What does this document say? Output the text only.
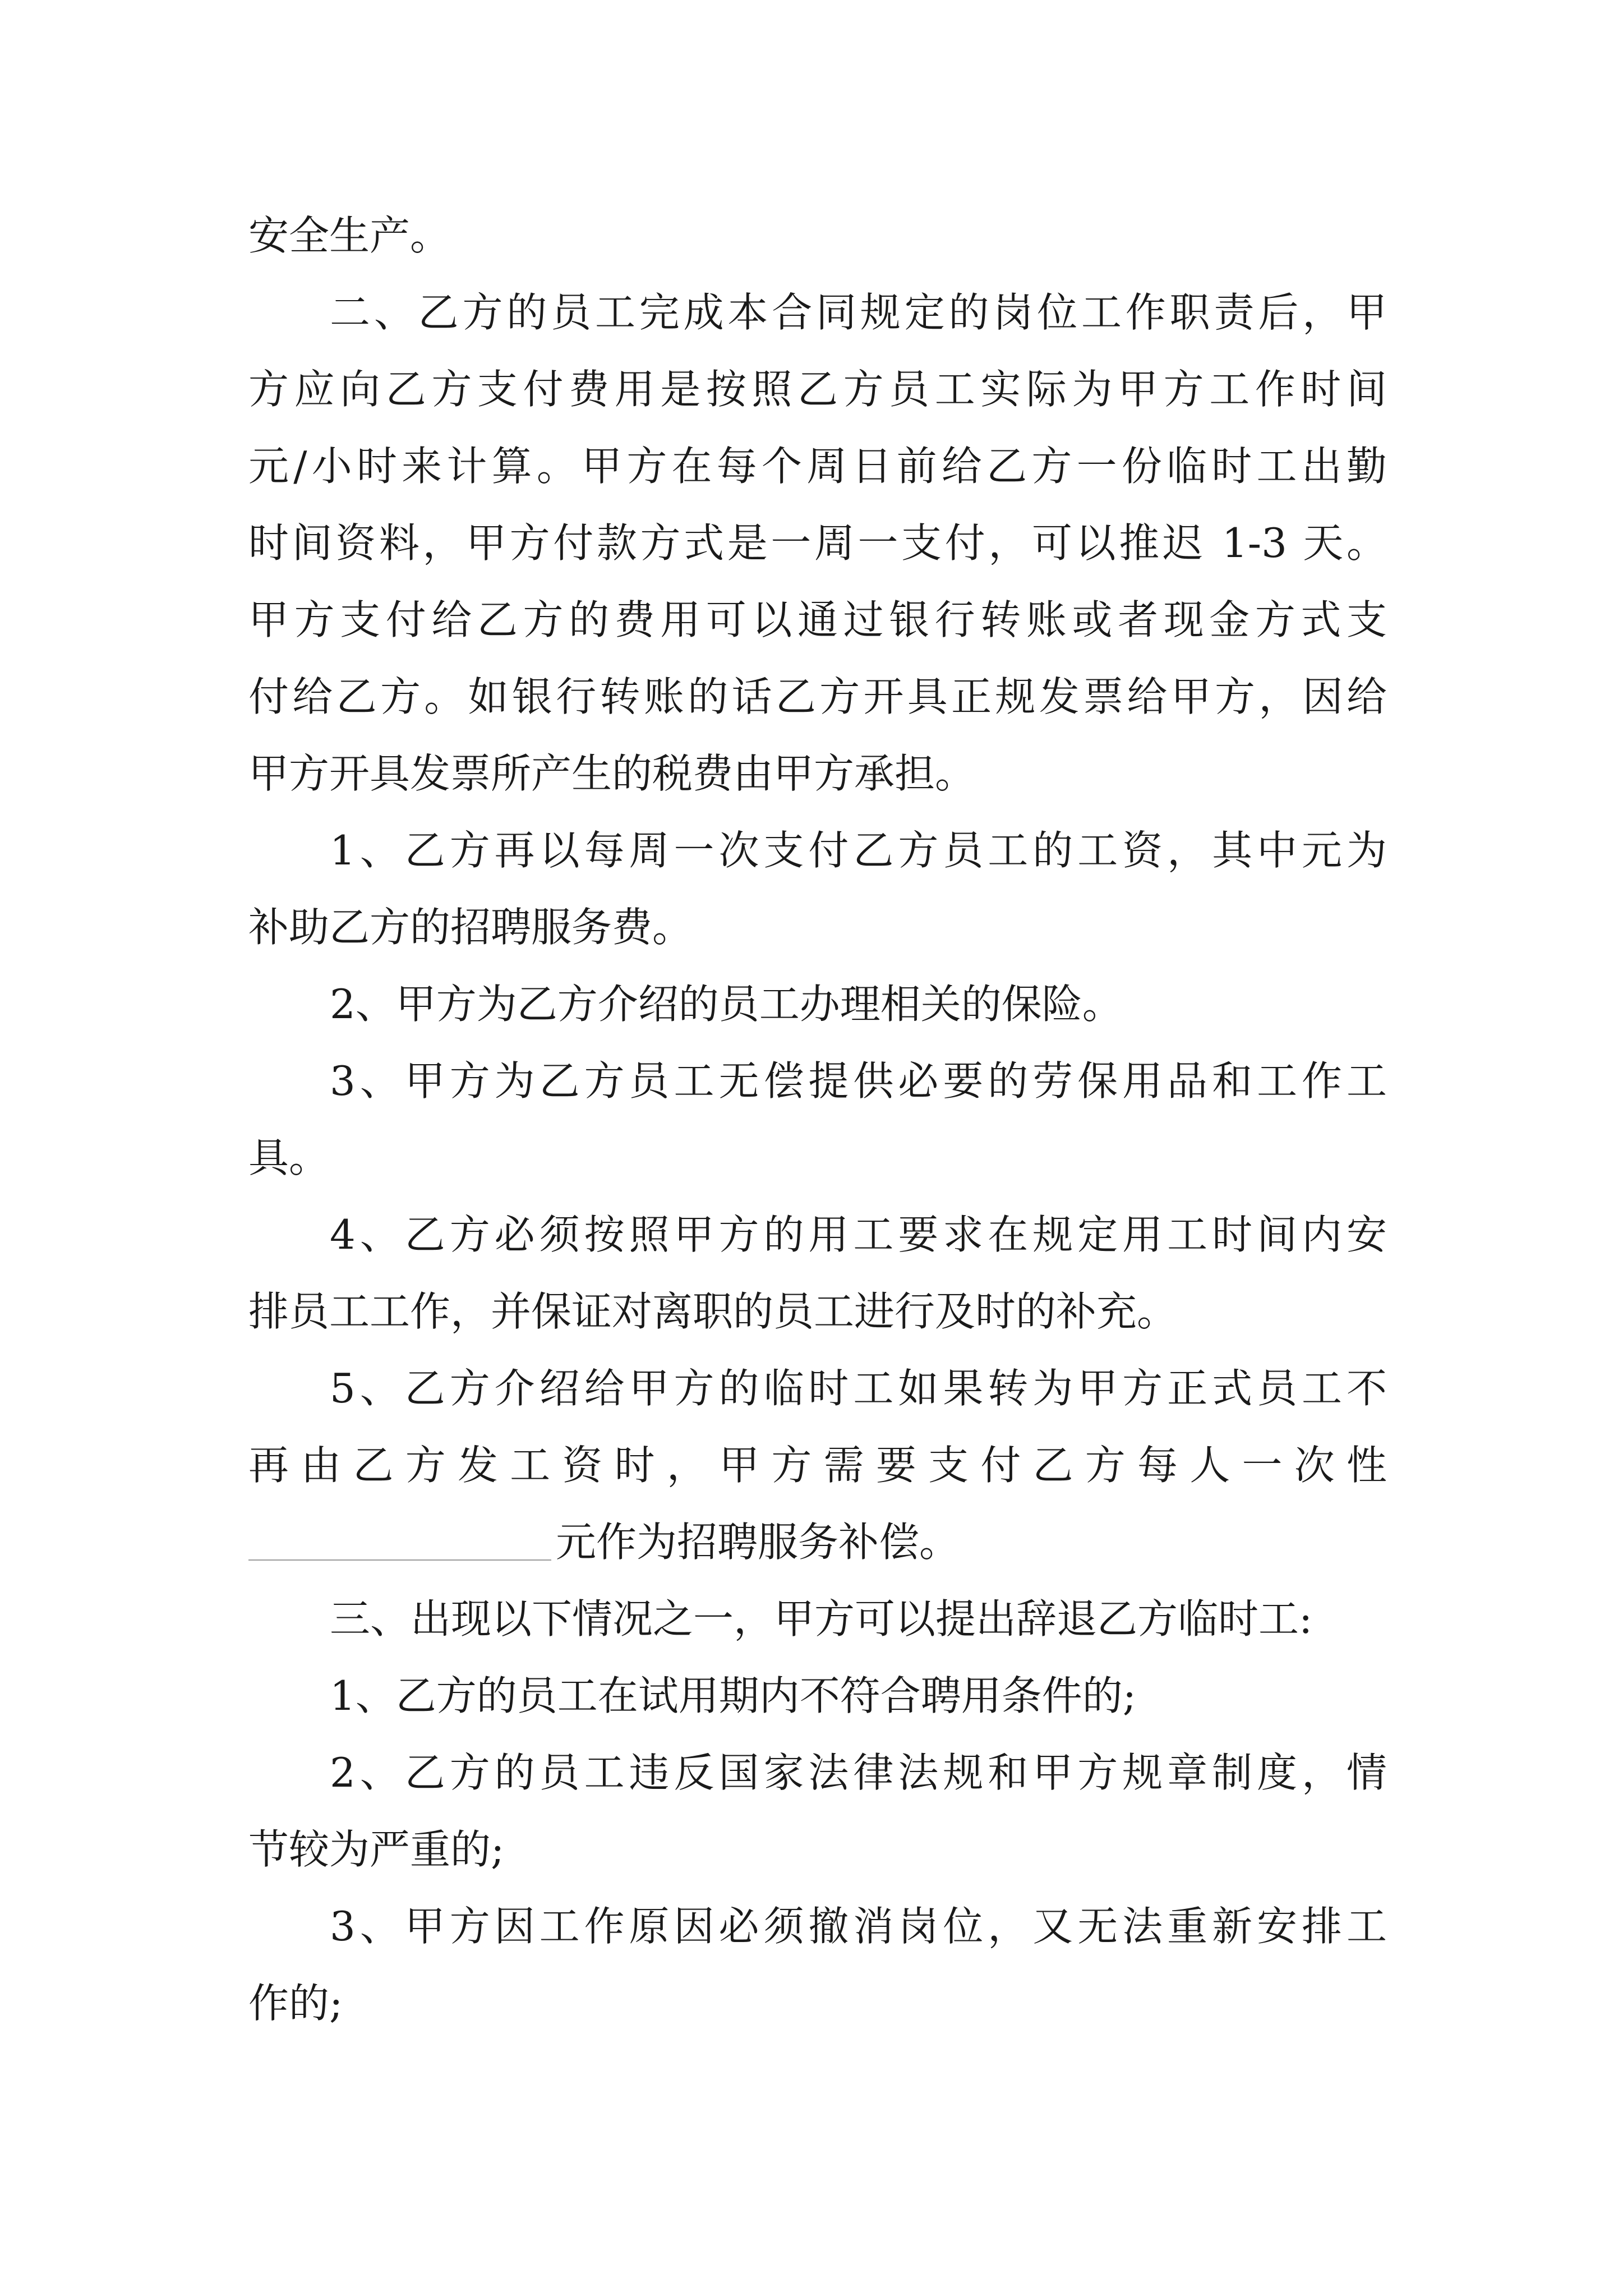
安全生产。

二、乙方的员工完成本合同规定的岗位工作职责后，甲

方应向乙方支付费用是按照乙方员工实际为甲方工作时间

元/小时来计算。甲方在每个周日前给乙方一份临时工出勤

时间资料，甲方付款方式是一周一支付，可以推迟 1-3 天。

甲方支付给乙方的费用可以通过银行转账或者现金方式支

付给乙方。如银行转账的话乙方开具正规发票给甲方，因给

甲方开具发票所产生的税费由甲方承担。

1、乙方再以每周一次支付乙方员工的工资，其中元为

补助乙方的招聘服务费。

2、甲方为乙方介绍的员工办理相关的保险。

3、甲方为乙方员工无偿提供必要的劳保用品和工作工

具。

4、乙方必须按照甲方的用工要求在规定用工时间内安

排员工工作，并保证对离职的员工进行及时的补充。

5、乙方介绍给甲方的临时工如果转为甲方正式员工不

再由乙方发工资时，甲方需要支付乙方每人一次性

元作为招聘服务补偿。

三、出现以下情况之一，甲方可以提出辞退乙方临时工:

1、乙方的员工在试用期内不符合聘用条件的;

2、乙方的员工违反国家法律法规和甲方规章制度，情

节较为严重的;

3、甲方因工作原因必须撤消岗位，又无法重新安排工

作的;
